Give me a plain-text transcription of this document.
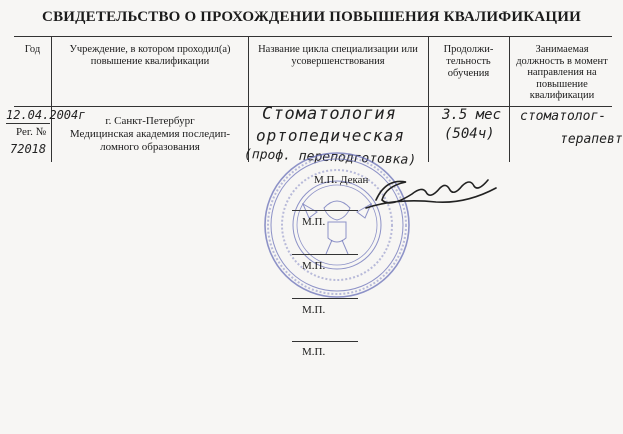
СВИДЕТЕЛЬСТВО О ПРОХОЖДЕНИИ ПОВЫШЕНИЯ КВАЛИФИКАЦИИ
Год	Учреждение, в котором проходил(а) повышение квалификации
Название цикла специализации или усовершенствования
Продолжи-тельность обучения
Занимаемая должность в момент направления на повышение квалификации
12.04.2004г
Рег. №
72018
г. Санкт-Петербург
Медицинская академия последип-
ломного образования
Стоматология
ортопедическая
(проф. переподготовка)
3.5 мес
(504ч)
стоматолог-
терапевт
М.П. Декан
М.П.
М.П.
М.П.
М.П.
